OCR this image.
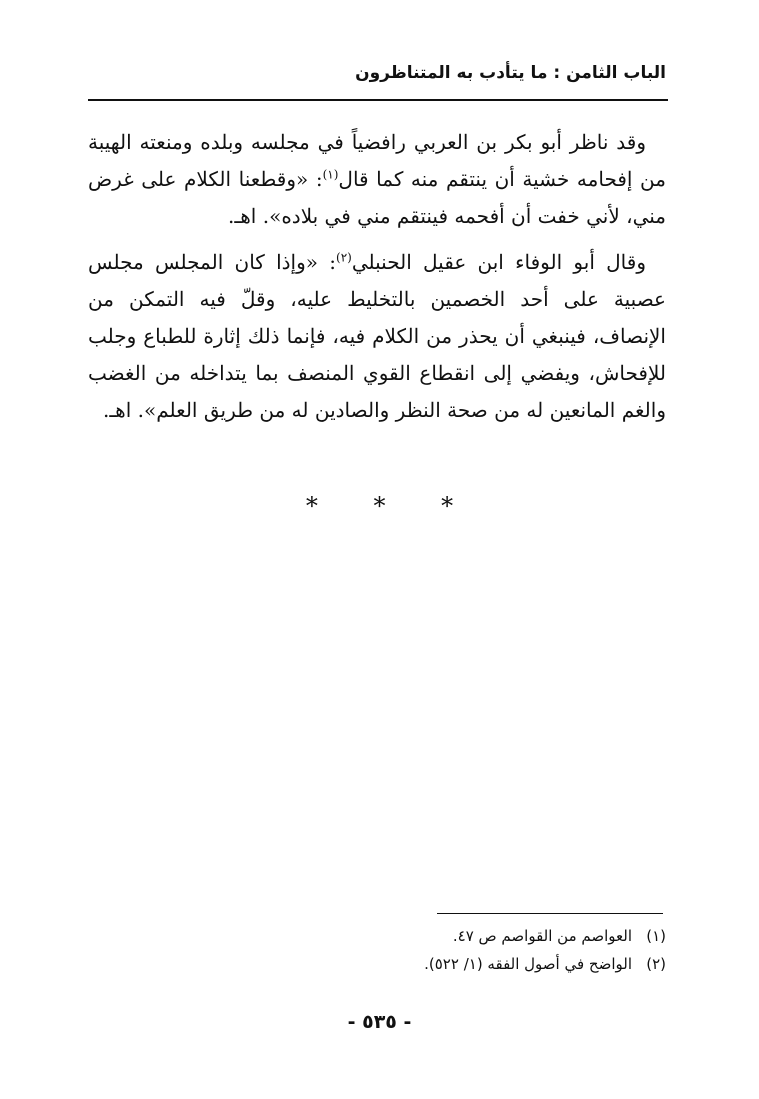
الباب الثامن : ما يتأدب به المتناظرون

وقد ناظر أبو بكر بن العربي رافضياً في مجلسه وبلده ومنعته الهيبة من إفحامه خشية أن ينتقم منه كما قال$^{(١)}$: «وقطعنا الكلام على غرض مني، لأني خفت أن أفحمه فينتقم مني في بلاده». اهـ.

وقال أبو الوفاء ابن عقيل الحنبلي$^{(٢)}$: «وإذا كان المجلس مجلس عصبية على أحد الخصمين بالتخليط عليه، وقلّ فيه التمكن من الإنصاف، فينبغي أن يحذر من الكلام فيه، فإنما ذلك إثارة للطباع وجلب للإفحاش، ويفضي إلى انقطاع القوي المنصف بما يتداخله من الغضب والغم المانعين له من صحة النظر والصادين له من طريق العلم». اهـ.

* * *
(١)العواصم من القواصم ص ٤٧.
(٢)الواضح في أصول الفقه (١/ ٥٢٢).
- ٥٣٥ -
